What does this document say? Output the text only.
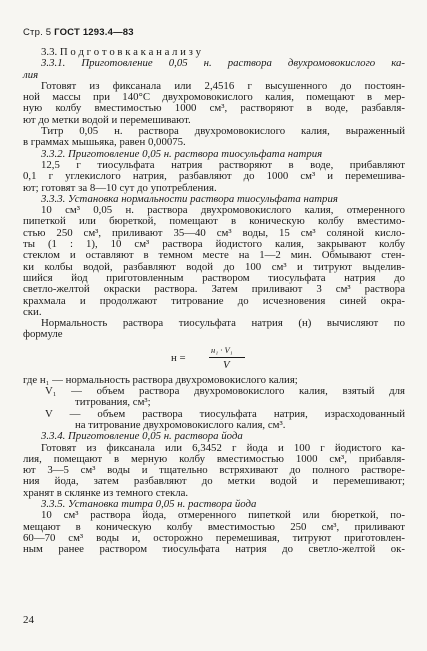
Стр. 5 ГОСТ 1293.4—83
3.3. П о д г о т о в к а к а н а л и з у
3.3.1. Приготовление 0,05 н. раствора двухромовокислого ка-
лия
Готовят из фиксанала или 2,4516 г высушенного до постоян-
ной массы при 140°С двухромовокислого калия, помещают в мер-
ную колбу вместимостью 1000 см³, растворяют в воде, разбавля-
ют до метки водой и перемешивают.
Титр 0,05 н. раствора двухромовокислого калия, выраженный
в граммах мышьяка, равен 0,00075.
3.3.2. Приготовление 0,05 н. раствора тиосульфата натрия
12,5 г тиосульфата натрия растворяют в воде, прибавляют
0,1 г углекислого натрия, разбавляют до 1000 см³ и перемешива-
ют; готовят за 8—10 сут до употребления.
3.3.3. Установка нормальности раствора тиосульфата натрия
10 см³ 0,05 н. раствора двухромовокислого калия, отмеренного
пипеткой или бюреткой, помещают в коническую колбу вместимо-
стью 250 см³, приливают 35—40 см³ воды, 15 см³ соляной кисло-
ты (1 : 1), 10 см³ раствора йодистого калия, закрывают колбу
стеклом и оставляют в темном месте на 1—2 мин. Обмывают стен-
ки колбы водой, разбавляют водой до 100 см³ и титруют выделив-
шийся йод приготовленным раствором тиосульфата натрия до
светло-желтой окраски раствора. Затем приливают 3 см³ раствора
крахмала и продолжают титрование до исчезновения синей окра-
ски.
Нормальность раствора тиосульфата натрия (н) вычисляют по
формуле
н =
н₁ · V₁
V
где н₁ — нормальность раствора двухромовокислого калия;
V₁ — объем раствора двухромовокислого калия, взятый для
титрования, см³;
V — объем раствора тиосульфата натрия, израсходованный
на титрование двухромовокислого калия, см³.
3.3.4. Приготовление 0,05 н. раствора йода
Готовят из фиксанала или 6,3452 г йода и 100 г йодистого ка-
лия, помещают в мерную колбу вместимостью 1000 см³, прибавля-
ют 3—5 см³ воды и тщательно встряхивают до полного растворе-
ния йода, затем разбавляют до метки водой и перемешивают;
хранят в склянке из темного стекла.
3.3.5. Установка титра 0,05 н. раствора йода
10 см³ раствора йода, отмеренного пипеткой или бюреткой, по-
мещают в коническую колбу вместимостью 250 см³, приливают
60—70 см³ воды и, осторожно перемешивая, титруют приготовлен-
ным ранее раствором тиосульфата натрия до светло-желтой ок-
24
